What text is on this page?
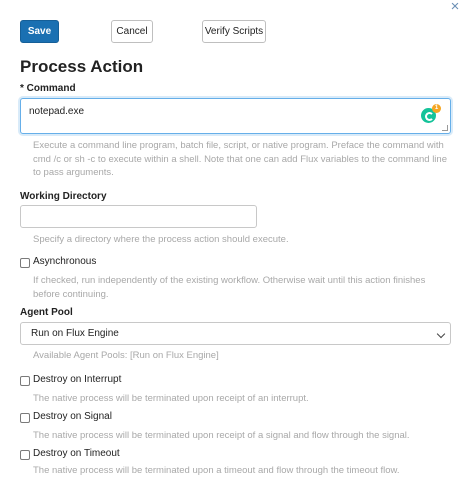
×
Save	Cancel	Verify Scripts
Process Action
* Command
notepad.exe	1
Execute a command line program, batch file, script, or native program. Preface the command with cmd /c or sh -c to execute within a shell. Note that one can add Flux variables to the command line to pass arguments.
Working Directory
Specify a directory where the process action should execute.
Asynchronous
If checked, run independently of the existing workflow. Otherwise wait until this action finishes before continuing.
Agent Pool
Run on Flux Engine
Available Agent Pools: [Run on Flux Engine]
Destroy on Interrupt
The native process will be terminated upon receipt of an interrupt.
Destroy on Signal
The native process will be terminated upon receipt of a signal and flow through the signal.
Destroy on Timeout
The native process will be terminated upon a timeout and flow through the timeout flow.
